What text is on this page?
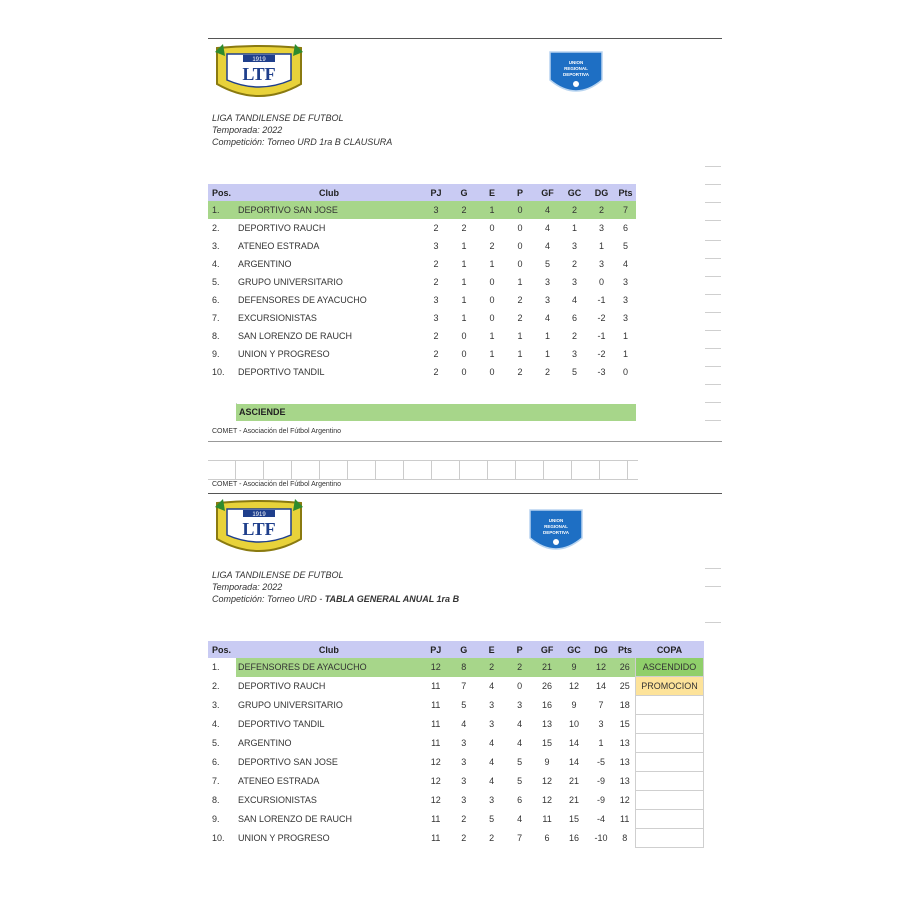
1919
LTF
UNION
REGIONAL
DEPORTIVA
LIGA TANDILENSE DE FUTBOL
Temporada: 2022
Competición: Torneo URD 1ra B CLAUSURA
Pos.	Club	PJ	G	E	P	GF	GC	DG	Pts
1.	DEPORTIVO SAN JOSE	3	2	1	0	4	2	2	7
2.	DEPORTIVO RAUCH	2	2	0	0	4	1	3	6
3.	ATENEO ESTRADA	3	1	2	0	4	3	1	5
4.	ARGENTINO	2	1	1	0	5	2	3	4
5.	GRUPO UNIVERSITARIO	2	1	0	1	3	3	0	3
6.	DEFENSORES DE AYACUCHO	3	1	0	2	3	4	-1	3
7.	EXCURSIONISTAS	3	1	0	2	4	6	-2	3
8.	SAN LORENZO DE RAUCH	2	0	1	1	1	2	-1	1
9.	UNION Y PROGRESO	2	0	1	1	1	3	-2	1
10.	DEPORTIVO TANDIL	2	0	0	2	2	5	-3	0
ASCIENDE
COMET - Asociación del Fútbol Argentino
COMET - Asociación del Fútbol Argentino
1919
LTF	UNION
REGIONAL
DEPORTIVA
LIGA TANDILENSE DE FUTBOL
Temporada: 2022
Competición: Torneo URD - TABLA GENERAL ANUAL 1ra B
Pos.	Club	PJ	G	E	P	GF	GC	DG	Pts	COPA
1.	DEFENSORES DE AYACUCHO	12	8	2	2	21	9	12	26	ASCENDIDO
2.	DEPORTIVO RAUCH	11	7	4	0	26	12	14	25	PROMOCION
3.	GRUPO UNIVERSITARIO	11	5	3	3	16	9	7	18	
4.	DEPORTIVO TANDIL	11	4	3	4	13	10	3	15	
5.	ARGENTINO	11	3	4	4	15	14	1	13	
6.	DEPORTIVO SAN JOSE	12	3	4	5	9	14	-5	13	
7.	ATENEO ESTRADA	12	3	4	5	12	21	-9	13	
8.	EXCURSIONISTAS	12	3	3	6	12	21	-9	12	
9.	SAN LORENZO DE RAUCH	11	2	5	4	11	15	-4	11	
10.	UNION Y PROGRESO	11	2	2	7	6	16	-10	8	
